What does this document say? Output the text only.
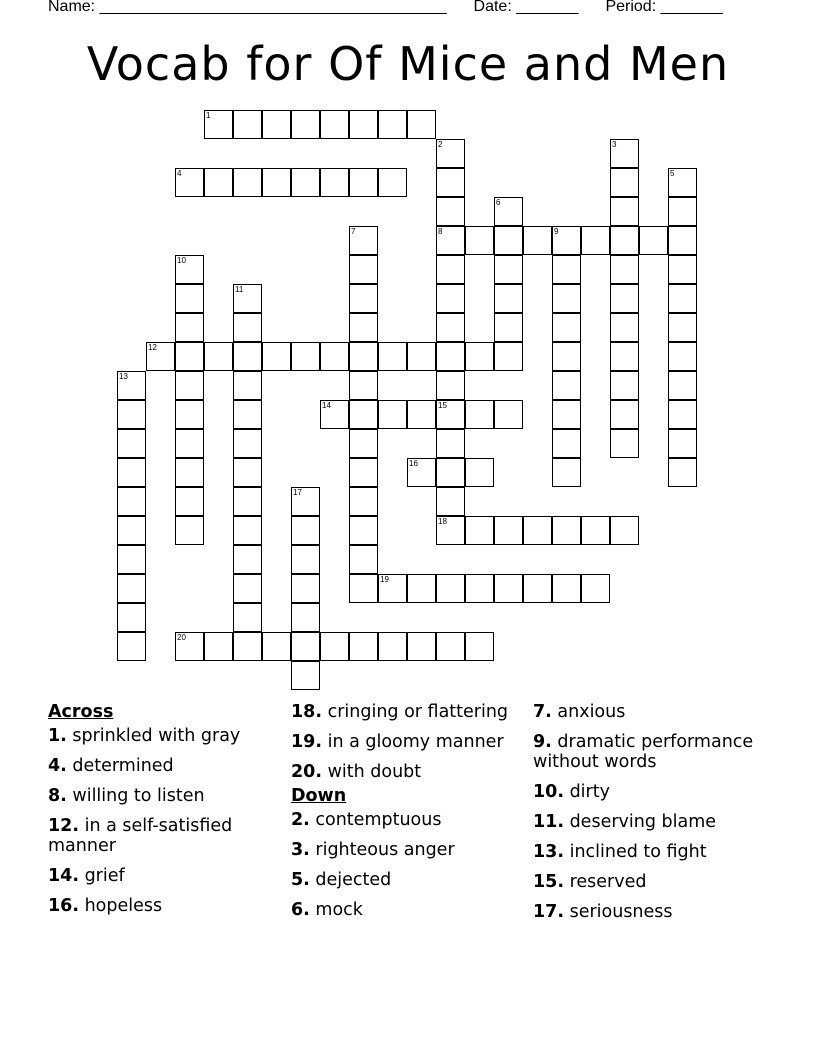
Name: _______________________________________ Date: _______ Period: _______
Vocab for Of Mice and Men
1
2
8
3
4	5
6
7	9
10
11
12
13
14	15
18
16
17
19
20
Across
1. sprinkled with gray
4. determined
8. willing to listen
12. in a self-satisfied manner
14. grief
16. hopeless
18. cringing or flattering
19. in a gloomy manner
20. with doubt
Down
2. contemptuous
3. righteous anger
5. dejected
6. mock
7. anxious
9. dramatic performance without words
10. dirty
11. deserving blame
13. inclined to fight
15. reserved
17. seriousness
